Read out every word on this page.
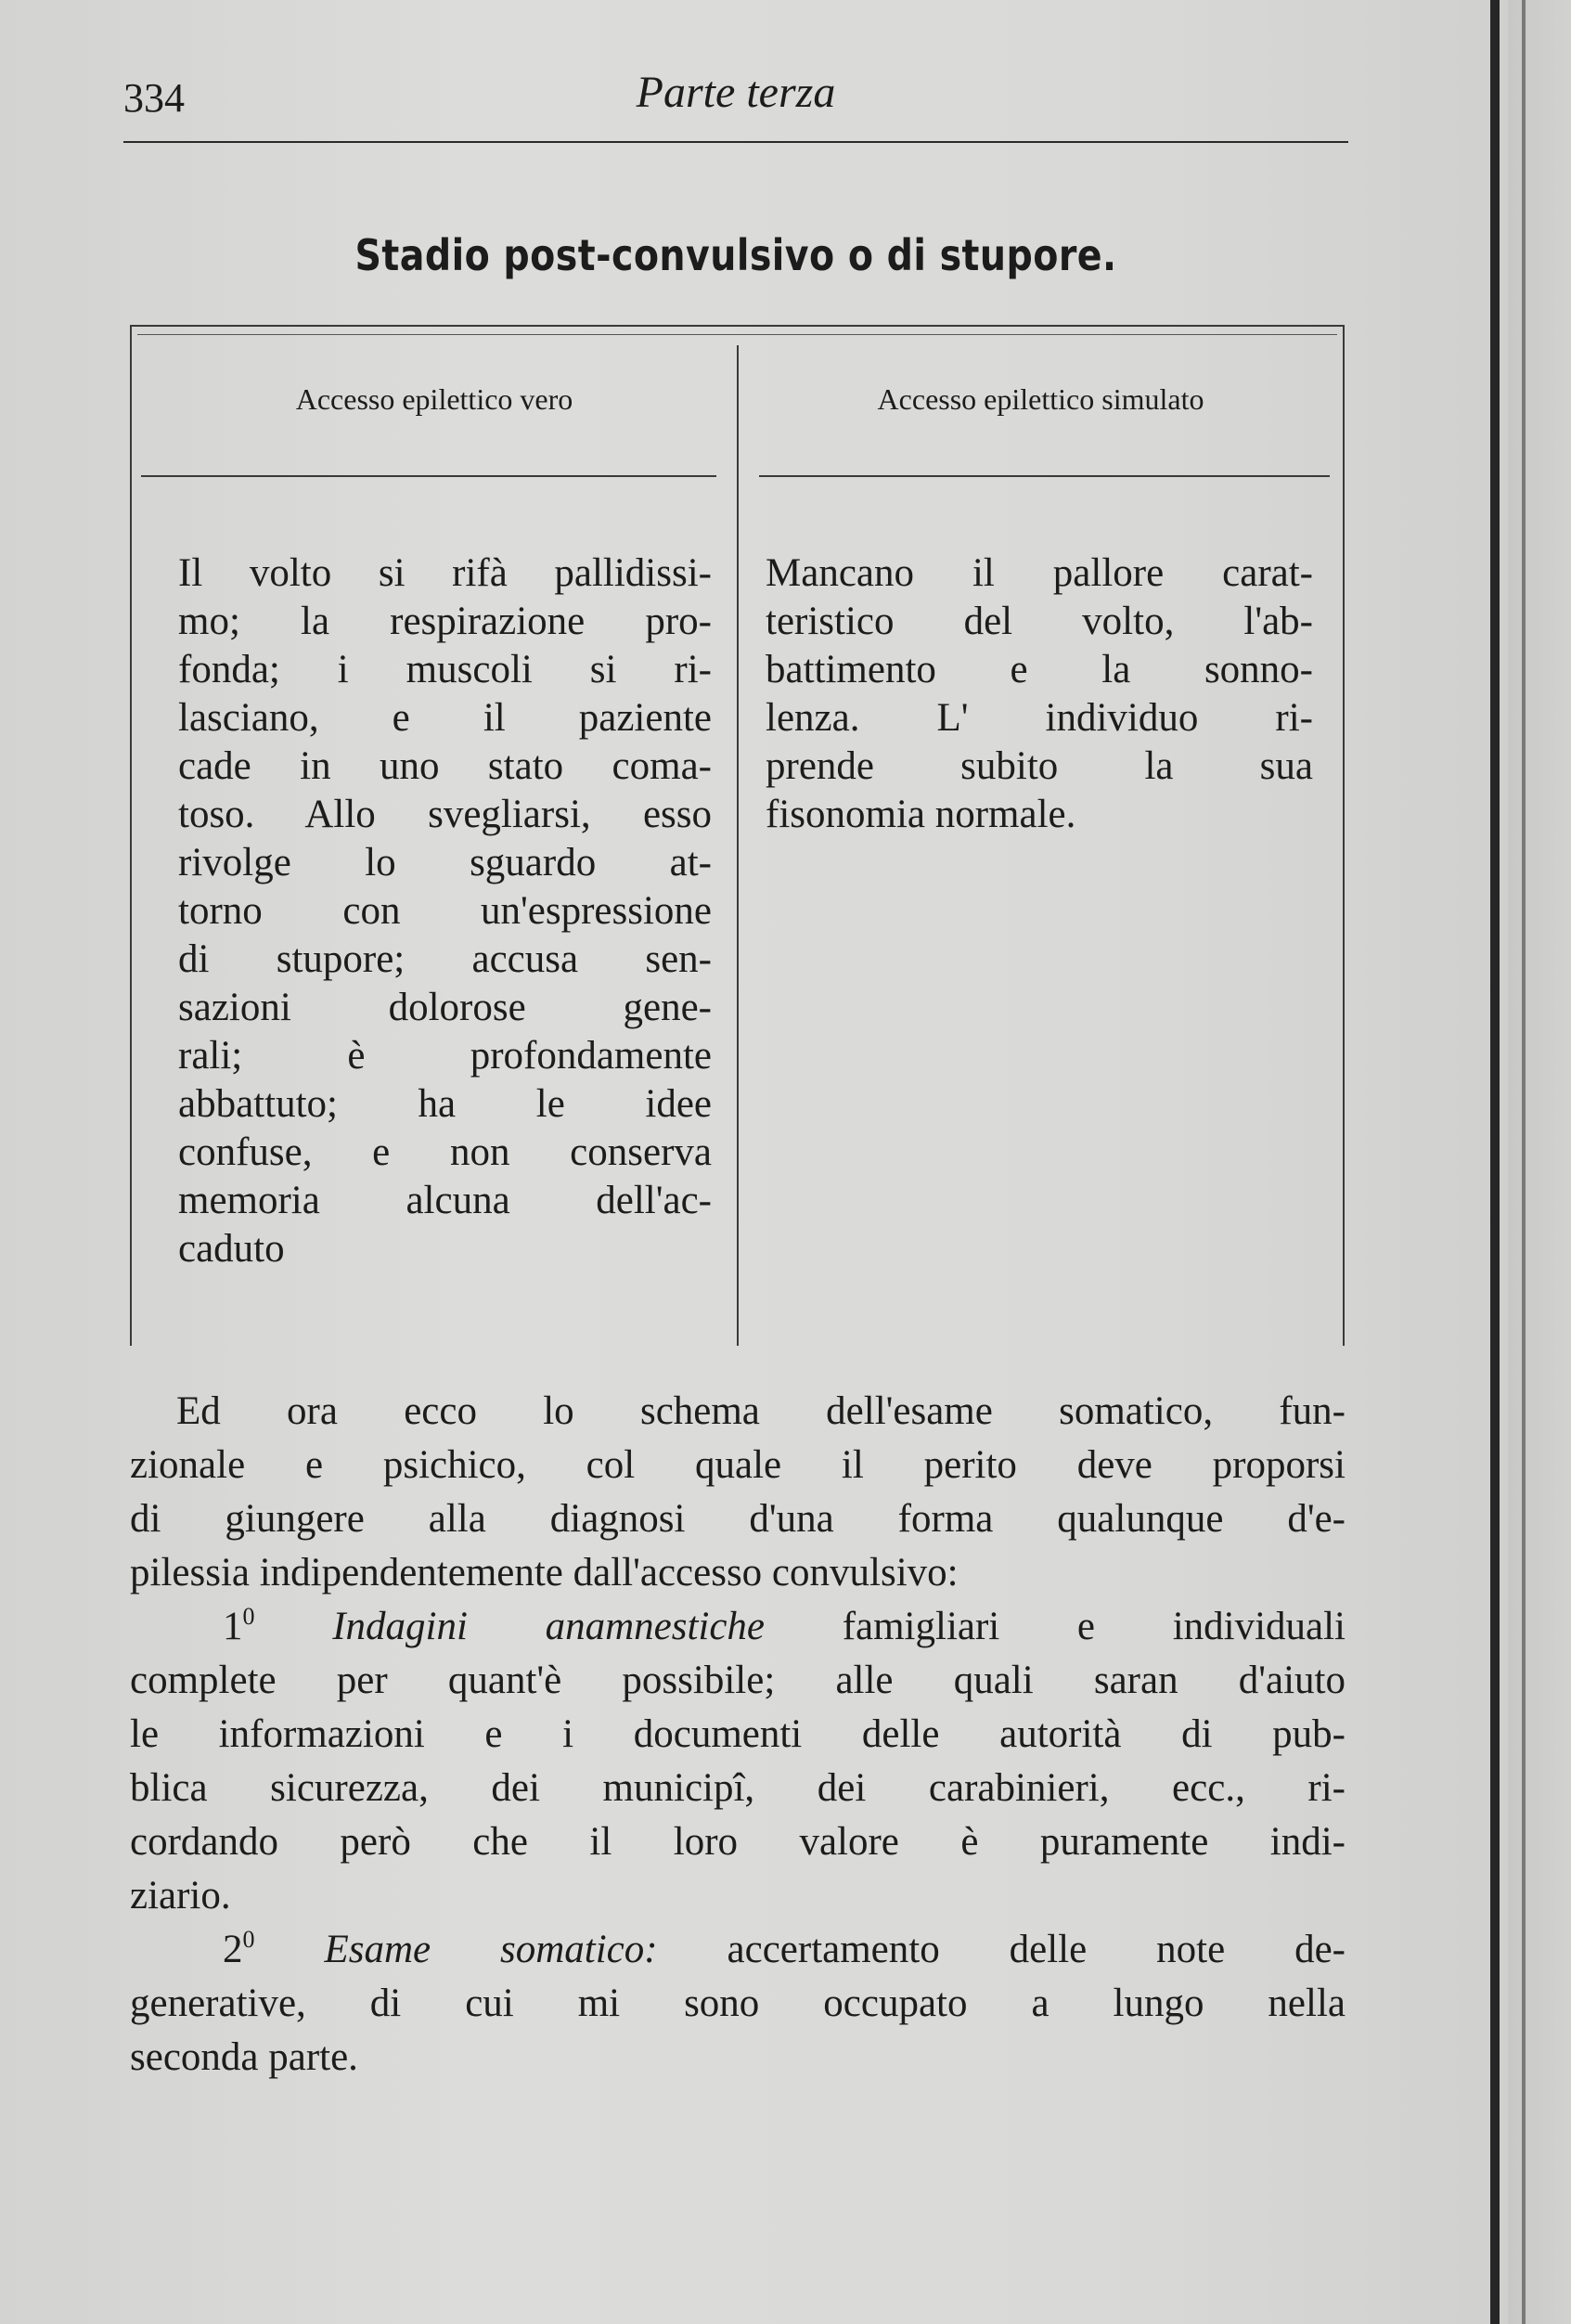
334	Parte terza
Stadio post-convulsivo o di stupore.
Accesso epilettico vero	Accesso epilettico simulato
Il volto si rifà pallidissi-
mo; la respirazione pro-
fonda; i muscoli si ri-
lasciano, e il paziente
cade in uno stato coma-
toso. Allo svegliarsi, esso
rivolge lo sguardo at-
torno con un'espressione
di stupore; accusa sen-
sazioni dolorose gene-
rali; è profondamente
abbattuto; ha le idee
confuse, e non conserva
memoria alcuna dell'ac-
caduto
Mancano il pallore carat-
teristico del volto, l'ab-
battimento e la sonno-
lenza. L' individuo ri-
prende subito la sua
fisonomia normale.
Ed ora ecco lo schema dell'esame somatico, fun-
zionale e psichico, col quale il perito deve proporsi
di giungere alla diagnosi d'una forma qualunque d'e-
pilessia indipendentemente dall'accesso convulsivo:
$1^0$ Indagini anamnestiche famigliari e individuali
complete per quant'è possibile; alle quali saran d'aiuto
le informazioni e i documenti delle autorità di pub-
blica sicurezza, dei municipî, dei carabinieri, ecc., ri-
cordando però che il loro valore è puramente indi-
ziario.
$2^0$ Esame somatico: accertamento delle note de-
generative, di cui mi sono occupato a lungo nella
seconda parte.
